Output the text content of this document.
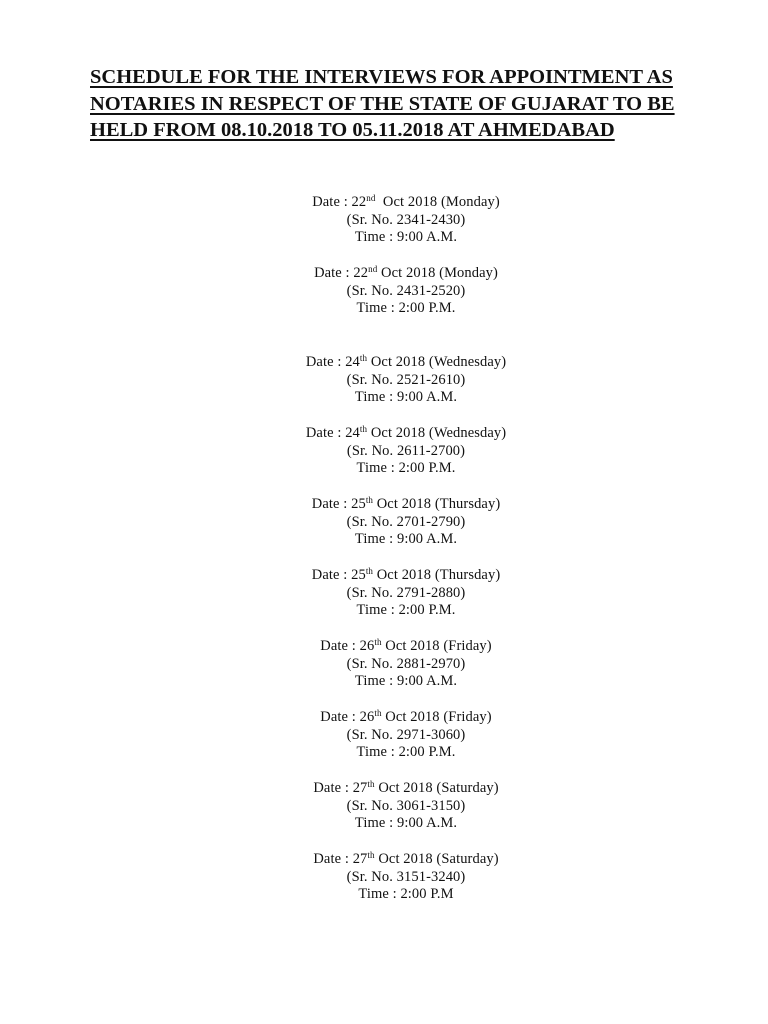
SCHEDULE FOR THE INTERVIEWS FOR APPOINTMENT AS
NOTARIES IN RESPECT OF THE STATE OF GUJARAT TO BE
HELD FROM 08.10.2018 TO 05.11.2018 AT AHMEDABAD
Date : 22nd  Oct 2018 (Monday)
(Sr. No. 2341-2430)
Time : 9:00 A.M.
Date : 22nd Oct 2018 (Monday)
(Sr. No. 2431-2520)
Time : 2:00 P.M.
Date : 24th Oct 2018 (Wednesday)
(Sr. No. 2521-2610)
Time : 9:00 A.M.
Date : 24th Oct 2018 (Wednesday)
(Sr. No. 2611-2700)
Time : 2:00 P.M.
Date : 25th Oct 2018 (Thursday)
(Sr. No. 2701-2790)
Time : 9:00 A.M.
Date : 25th Oct 2018 (Thursday)
(Sr. No. 2791-2880)
Time : 2:00 P.M.
Date : 26th Oct 2018 (Friday)
(Sr. No. 2881-2970)
Time : 9:00 A.M.
Date : 26th Oct 2018 (Friday)
(Sr. No. 2971-3060)
Time : 2:00 P.M.
Date : 27th Oct 2018 (Saturday)
(Sr. No. 3061-3150)
Time : 9:00 A.M.
Date : 27th Oct 2018 (Saturday)
(Sr. No. 3151-3240)
Time : 2:00 P.M
